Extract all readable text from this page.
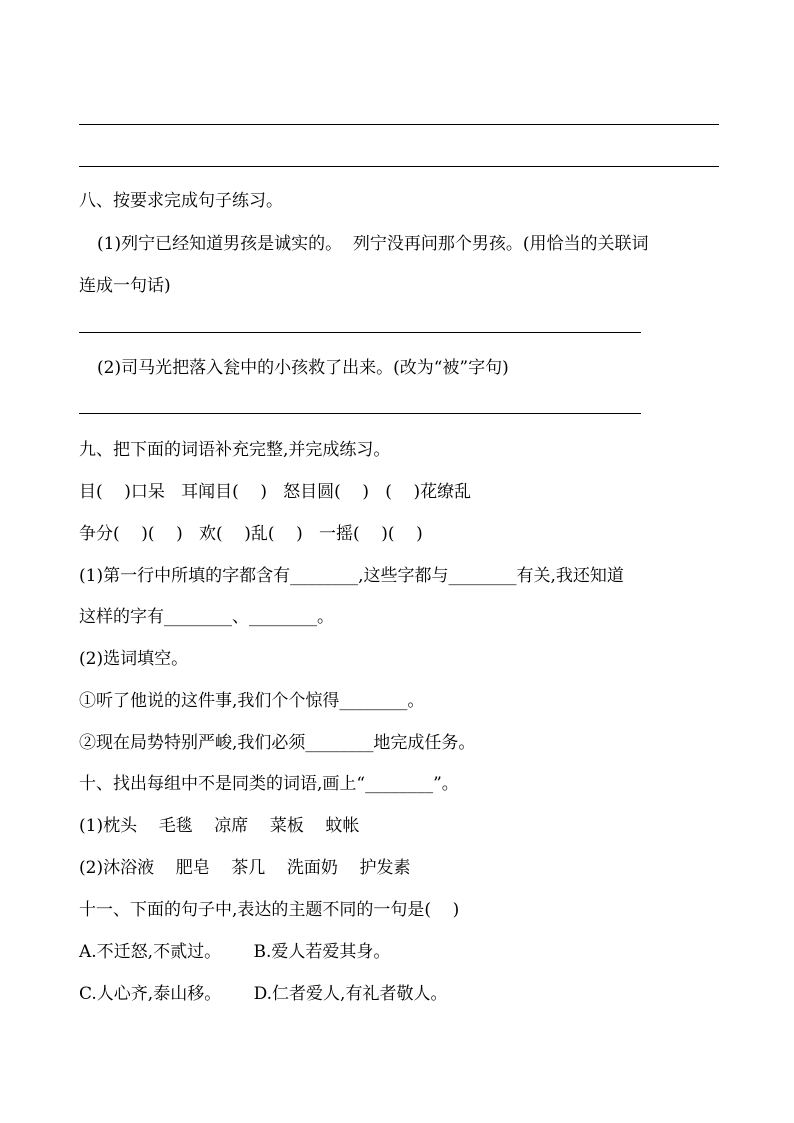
八、按要求完成句子练习。
(1)列宁已经知道男孩是诚实的。  列宁没再问那个男孩。(用恰当的关联词
连成一句话)
(2)司马光把落入瓮中的小孩救了出来。(改为“被”字句)
九、把下面的词语补充完整,并完成练习。
目(    )口呆   耳闻目(    )   怒目圆(    )   (    )花缭乱
争分(    )(    )   欢(    )乱(    )   一摇(    )(    )
(1)第一行中所填的字都含有________,这些字都与________有关,我还知道
这样的字有________、________。
(2)选词填空。
①听了他说的这件事,我们个个惊得________。
②现在局势特别严峻,我们必须________地完成任务。
十、找出每组中不是同类的词语,画上“________”。
(1)枕头    毛毯    凉席    菜板    蚊帐
(2)沐浴液    肥皂    茶几    洗面奶    护发素
十一、下面的句子中,表达的主题不同的一句是(    )
A.不迁怒,不贰过。      B.爱人若爱其身。
C.人心齐,泰山移。      D.仁者爱人,有礼者敬人。
